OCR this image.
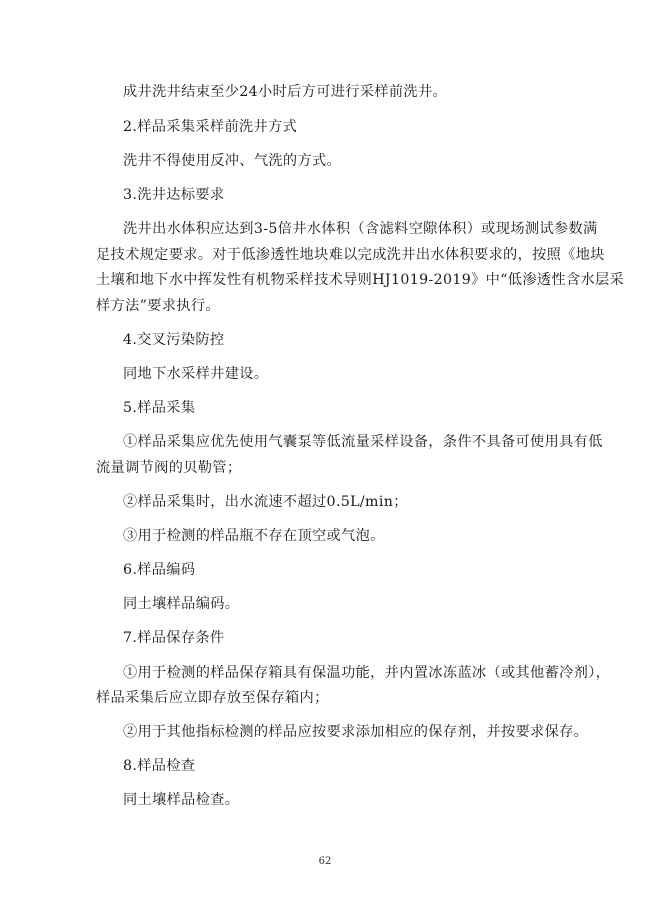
成井洗井结束至少24小时后方可进行采样前洗井。
2.样品采集采样前洗井方式
洗井不得使用反冲、气洗的方式。
3.洗井达标要求
洗井出水体积应达到3-5倍井水体积（含滤料空隙体积）或现场测试参数满
足技术规定要求。对于低渗透性地块难以完成洗井出水体积要求的，按照《地块
土壤和地下水中挥发性有机物采样技术导则HJ1019-2019》中“低渗透性含水层采
样方法”要求执行。
4.交叉污染防控
同地下水采样井建设。
5.样品采集
①样品采集应优先使用气囊泵等低流量采样设备，条件不具备可使用具有低
流量调节阀的贝勒管；
②样品采集时，出水流速不超过0.5L/min；
③用于检测的样品瓶不存在顶空或气泡。
6.样品编码
同土壤样品编码。
7.样品保存条件
①用于检测的样品保存箱具有保温功能，并内置冰冻蓝冰（或其他蓄冷剂），
样品采集后应立即存放至保存箱内；
②用于其他指标检测的样品应按要求添加相应的保存剂，并按要求保存。
8.样品检查
同土壤样品检查。
62
